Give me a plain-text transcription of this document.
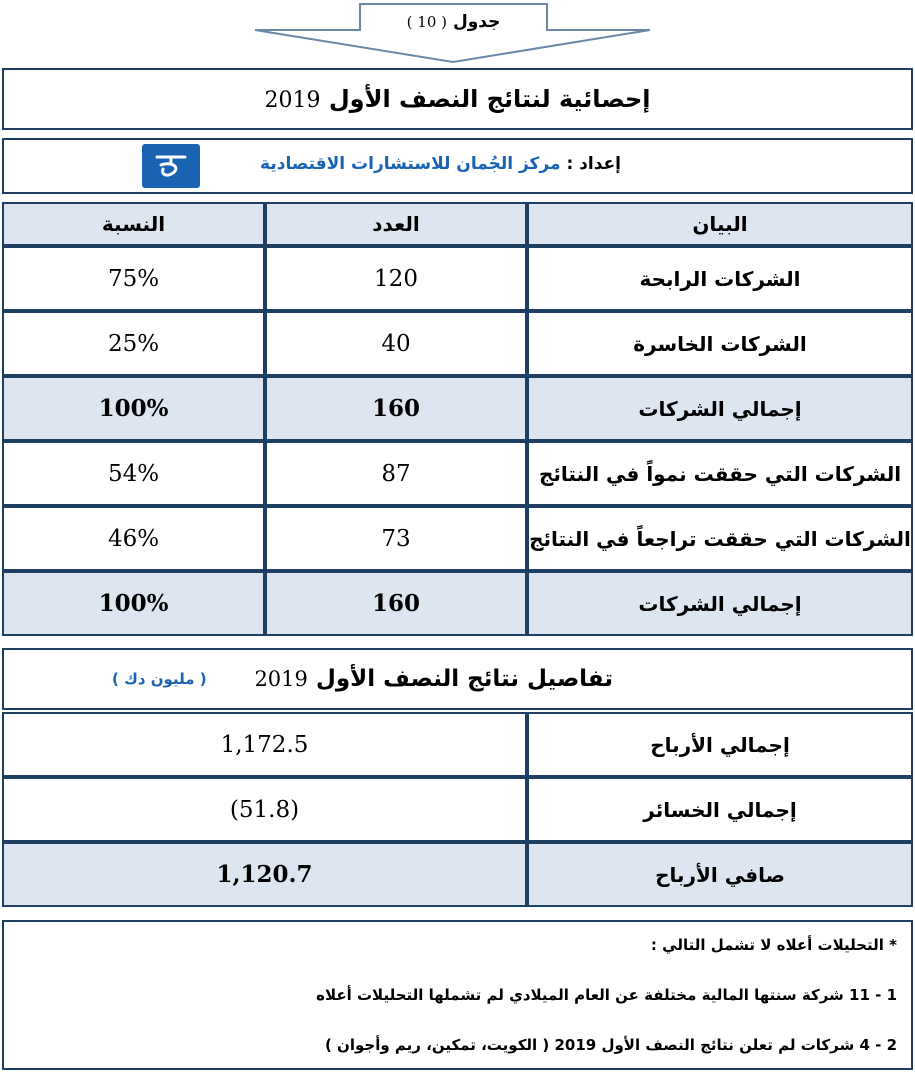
جدول ( 10 )
إحصائية لنتائج النصف الأول 2019
إعداد : مركز الجُمان للاستشارات الاقتصادية
النسبة	العدد	البيان
75%	120	الشركات الرابحة
25%	40	الشركات الخاسرة
100%	160	إجمالي الشركات
54%	87	الشركات التي حققت نمواً في النتائج
46%	73	الشركات التي حققت تراجعاً في النتائج
100%	160	إجمالي الشركات
تفاصيل نتائج النصف الأول 2019
( مليون دك )
1,172.5	إجمالي الأرباح
(51.8)	إجمالي الخسائر
1,120.7	صافي الأرباح
* التحليلات أعلاه لا تشمل التالي :
1 - 11 شركة سنتها المالية مختلفة عن العام الميلادي لم تشملها التحليلات أعلاه
2 - 4 شركات لم تعلن نتائج النصف الأول 2019 ( الكويت، تمكين، ريم وأجوان )
